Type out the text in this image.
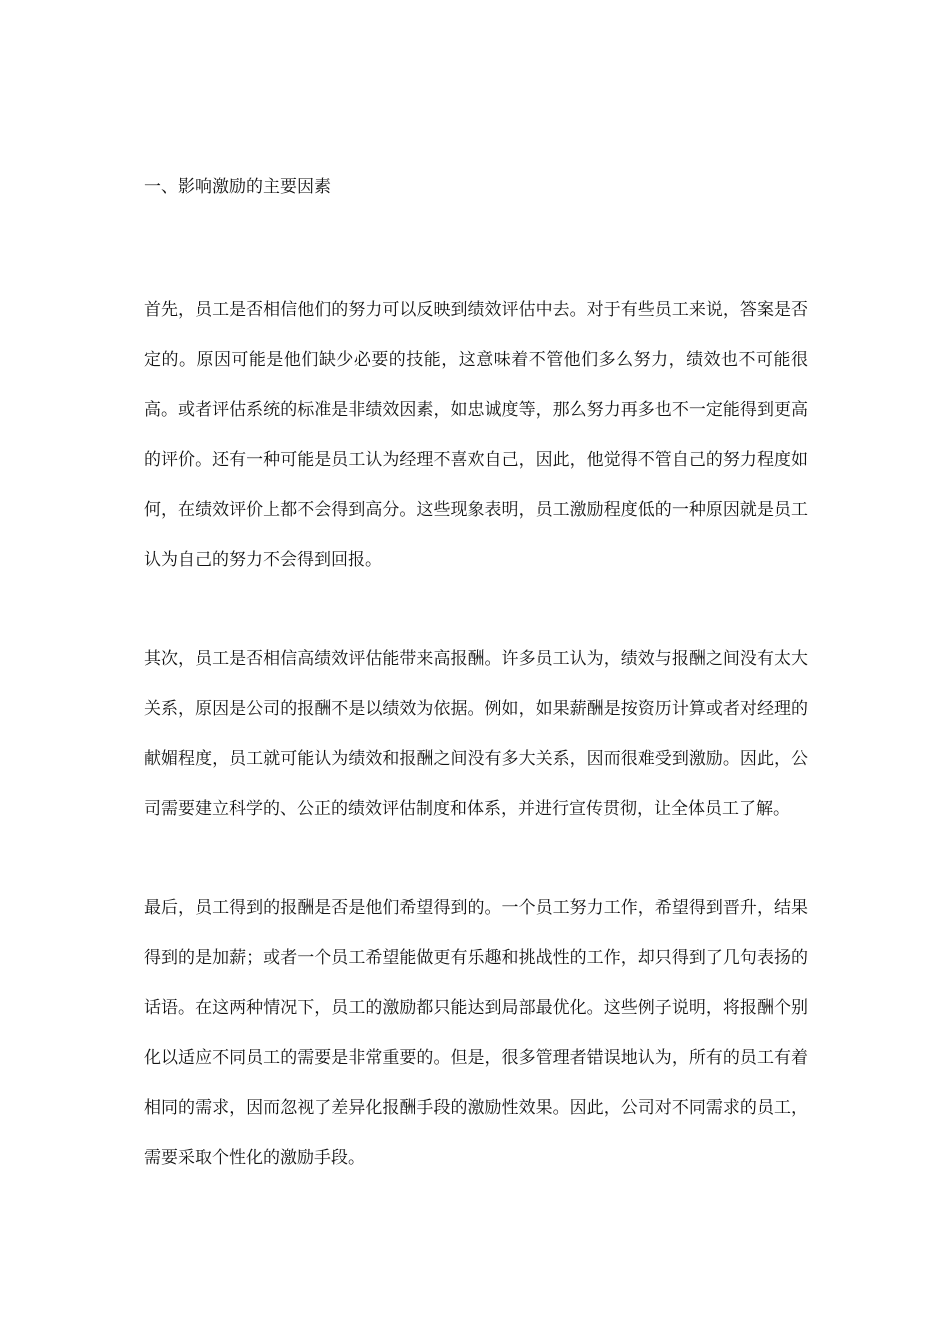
一、影响激励的主要因素

首先，员工是否相信他们的努力可以反映到绩效评估中去。对于有些员工来说，答案是否定的。原因可能是他们缺少必要的技能，这意味着不管他们多么努力，绩效也不可能很高。或者评估系统的标准是非绩效因素，如忠诚度等，那么努力再多也不一定能得到更高的评价。还有一种可能是员工认为经理不喜欢自己，因此，他觉得不管自己的努力程度如何，在绩效评价上都不会得到高分。这些现象表明，员工激励程度低的一种原因就是员工认为自己的努力不会得到回报。

其次，员工是否相信高绩效评估能带来高报酬。许多员工认为，绩效与报酬之间没有太大关系，原因是公司的报酬不是以绩效为依据。例如，如果薪酬是按资历计算或者对经理的献媚程度，员工就可能认为绩效和报酬之间没有多大关系，因而很难受到激励。因此，公司需要建立科学的、公正的绩效评估制度和体系，并进行宣传贯彻，让全体员工了解。

最后，员工得到的报酬是否是他们希望得到的。一个员工努力工作，希望得到晋升，结果得到的是加薪；或者一个员工希望能做更有乐趣和挑战性的工作，却只得到了几句表扬的话语。在这两种情况下，员工的激励都只能达到局部最优化。这些例子说明，将报酬个别化以适应不同员工的需要是非常重要的。但是，很多管理者错误地认为，所有的员工有着相同的需求，因而忽视了差异化报酬手段的激励性效果。因此，公司对不同需求的员工，需要采取个性化的激励手段。
